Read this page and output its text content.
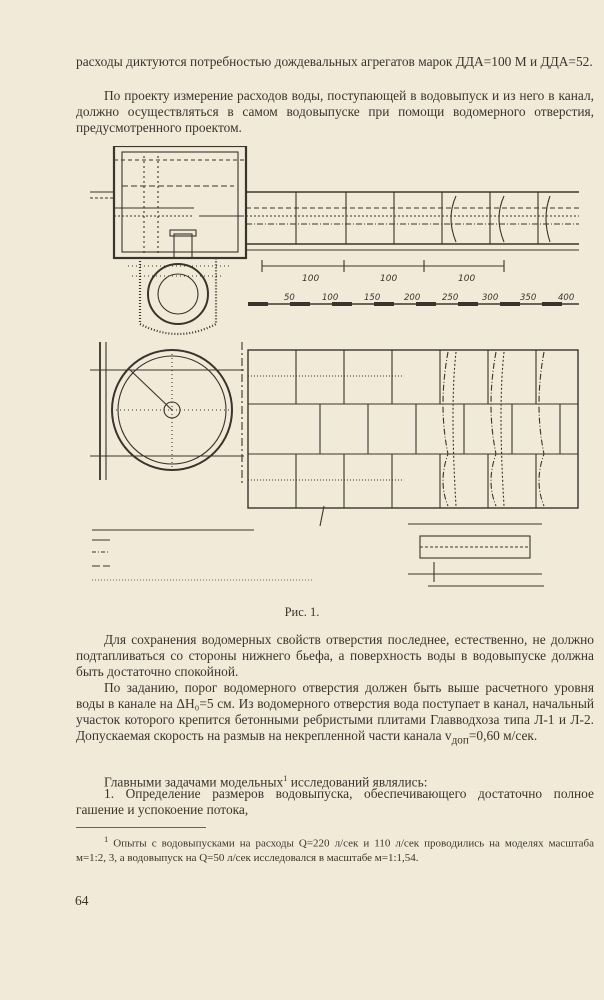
расходы диктуются потребностью дождевальных агрегатов марок ДДА=100 М и ДДА=52.

По проекту измерение расходов воды, поступающей в водовыпуск и из него в канал, должно осуществляться в самом водовыпуске при помощи водомерного отверстия, предусмотренного проектом.

100	100	100
50	100	150	200	250	300	350	400
Рис. 1.

Для сохранения водомерных свойств отверстия последнее, естественно, не должно подтапливаться со стороны нижнего бьефа, а поверхность воды в водовыпуске должна быть достаточно спокойной.

По заданию, порог водомерного отверстия должен быть выше расчетного уровня воды в канале на ΔH₀=5 см. Из водомерного отверстия вода поступает в канал, начальный участок которого крепится бетонными ребристыми плитами Главводхоза типа Л-1 и Л-2. Допускаемая скорость на размыв на некрепленной части канала $v_{доп}=0,60$ м/сек.

Главными задачами модельных$^1$ исследований являлись:

1. Определение размеров водовыпуска, обеспечивающего достаточно полное гашение и успокоение потока,

$^1$ Опыты с водовыпусками на расходы Q=220 л/сек и 110 л/сек проводились на моделях масштаба м=1:2, 3, а водовыпуск на Q=50 л/сек исследовался в масштабе м=1:1,54.

64
